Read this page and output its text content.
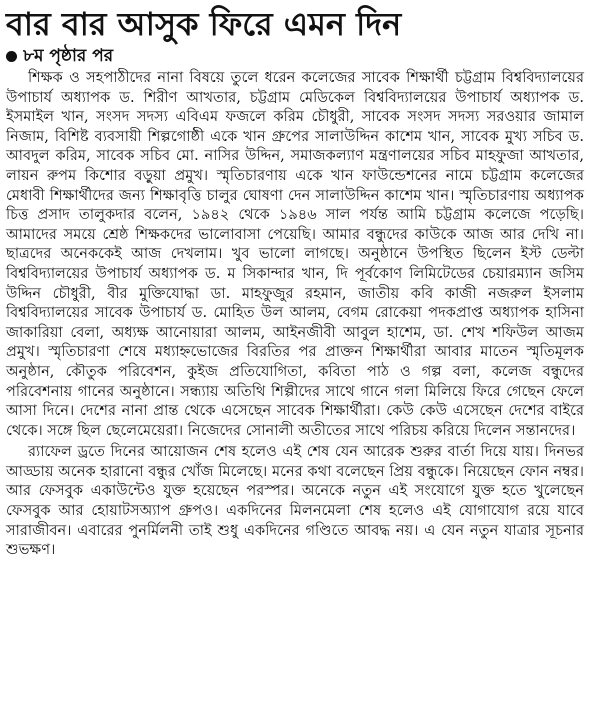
বার বার আসুক ফিরে এমন দিন
৮ম পৃষ্ঠার পর

শিক্ষক ও সহপাঠীদের নানা বিষয়ে তুলে ধরেন কলেজের সাবেক শিক্ষার্থী চট্টগ্রাম বিশ্ববিদ্যালয়ের উপাচার্য অধ্যাপক ড. শিরীণ আখতার, চট্টগ্রাম মেডিকেল বিশ্ববিদ্যালয়ের উপাচার্য অধ্যাপক ড. ইসমাইল খান, সংসদ সদস্য এবিএম ফজলে করিম চৌধুরী, সাবেক সংসদ সদস্য সরওয়ার জামাল নিজাম, বিশিষ্ট ব্যবসায়ী শিল্পগোষ্ঠী একে খান গ্রুপের সালাউদ্দিন কাশেম খান, সাবেক মুখ্য সচিব ড. আবদুল করিম, সাবেক সচিব মো. নাসির উদ্দিন, সমাজকল্যাণ মন্ত্রণালয়ের সচিব মাহফুজা আখতার, লায়ন রুপম কিশোর বড়ুয়া প্রমুখ। স্মৃতিচারণায় একে খান ফাউন্ডেশনের নামে চট্টগ্রাম কলেজের মেধাবী শিক্ষার্থীদের জন্য শিক্ষাবৃত্তি চালুর ঘোষণা দেন সালাউদ্দিন কাশেম খান। স্মৃতিচারণায় অধ্যাপক চিত্ত প্রসাদ তালুকদার বলেন, ১৯৪২ থেকে ১৯৪৬ সাল পর্যন্ত আমি চট্টগ্রাম কলেজে পড়েছি। আমাদের সময়ে শ্রেষ্ঠ শিক্ষকদের ভালোবাসা পেয়েছি। আমার বন্ধুদের কাউকে আজ আর দেখি না। ছাত্রদের অনেককেই আজ দেখলাম। খুব ভালো লাগছে। অনুষ্ঠানে উপস্থিত ছিলেন ইস্ট ডেল্টা বিশ্ববিদ্যালয়ের উপাচার্য অধ্যাপক ড. ম সিকান্দার খান, দি পূর্বকোণ লিমিটেডের চেয়ারম্যান জসিম উদ্দিন চৌধুরী, বীর মুক্তিযোদ্ধা ডা. মাহফুজুর রহমান, জাতীয় কবি কাজী নজরুল ইসলাম বিশ্ববিদ্যালয়ের সাবেক উপাচার্য ড. মোহিত উল আলম, বেগম রোকেয়া পদকপ্রাপ্ত অধ্যাপক হাসিনা জাকারিয়া বেলা, অধ্যক্ষ আনোয়ারা আলম, আইনজীবী আবুল হাশেম, ডা. শেখ শফিউল আজম প্রমুখ। স্মৃতিচারণা শেষে মধ্যাহ্নভোজের বিরতির পর প্রাক্তন শিক্ষার্থীরা আবার মাতেন স্মৃতিমূলক অনুষ্ঠান, কৌতুক পরিবেশন, কুইজ প্রতিযোগিতা, কবিতা পাঠ ও গল্প বলা, কলেজ বন্ধুদের পরিবেশনায় গানের অনুষ্ঠানে। সন্ধ্যায় অতিথি শিল্পীদের সাথে গানে গলা মিলিয়ে ফিরে গেছেন ফেলে আসা দিনে। দেশের নানা প্রান্ত থেকে এসেছেন সাবেক শিক্ষার্থীরা। কেউ কেউ এসেছেন দেশের বাইরে থেকে। সঙ্গে ছিল ছেলেমেয়েরা। নিজেদের সোনালী অতীতের সাথে পরিচয় করিয়ে দিলেন সন্তানদের।

র‍্যাফেল ড্রতে দিনের আয়োজন শেষ হলেও এই শেষ যেন আরেক শুরুর বার্তা দিয়ে যায়। দিনভর আড্ডায় অনেক হারানো বন্ধুর খোঁজ মিলেছে। মনের কথা বলেছেন প্রিয় বন্ধুকে। নিয়েছেন ফোন নম্বর। আর ফেসবুক একাউন্টেও যুক্ত হয়েছেন পরস্পর। অনেকে নতুন এই সংযোগে যুক্ত হতে খুলেছেন ফেসবুক আর হোয়াটসঅ্যাপ গ্রুপও। একদিনের মিলনমেলা শেষ হলেও এই যোগাযোগ রয়ে যাবে সারাজীবন। এবারের পুনর্মিলনী তাই শুধু একদিনের গণ্ডিতে আবদ্ধ নয়। এ যেন নতুন যাত্রার সূচনার শুভক্ষণ।
